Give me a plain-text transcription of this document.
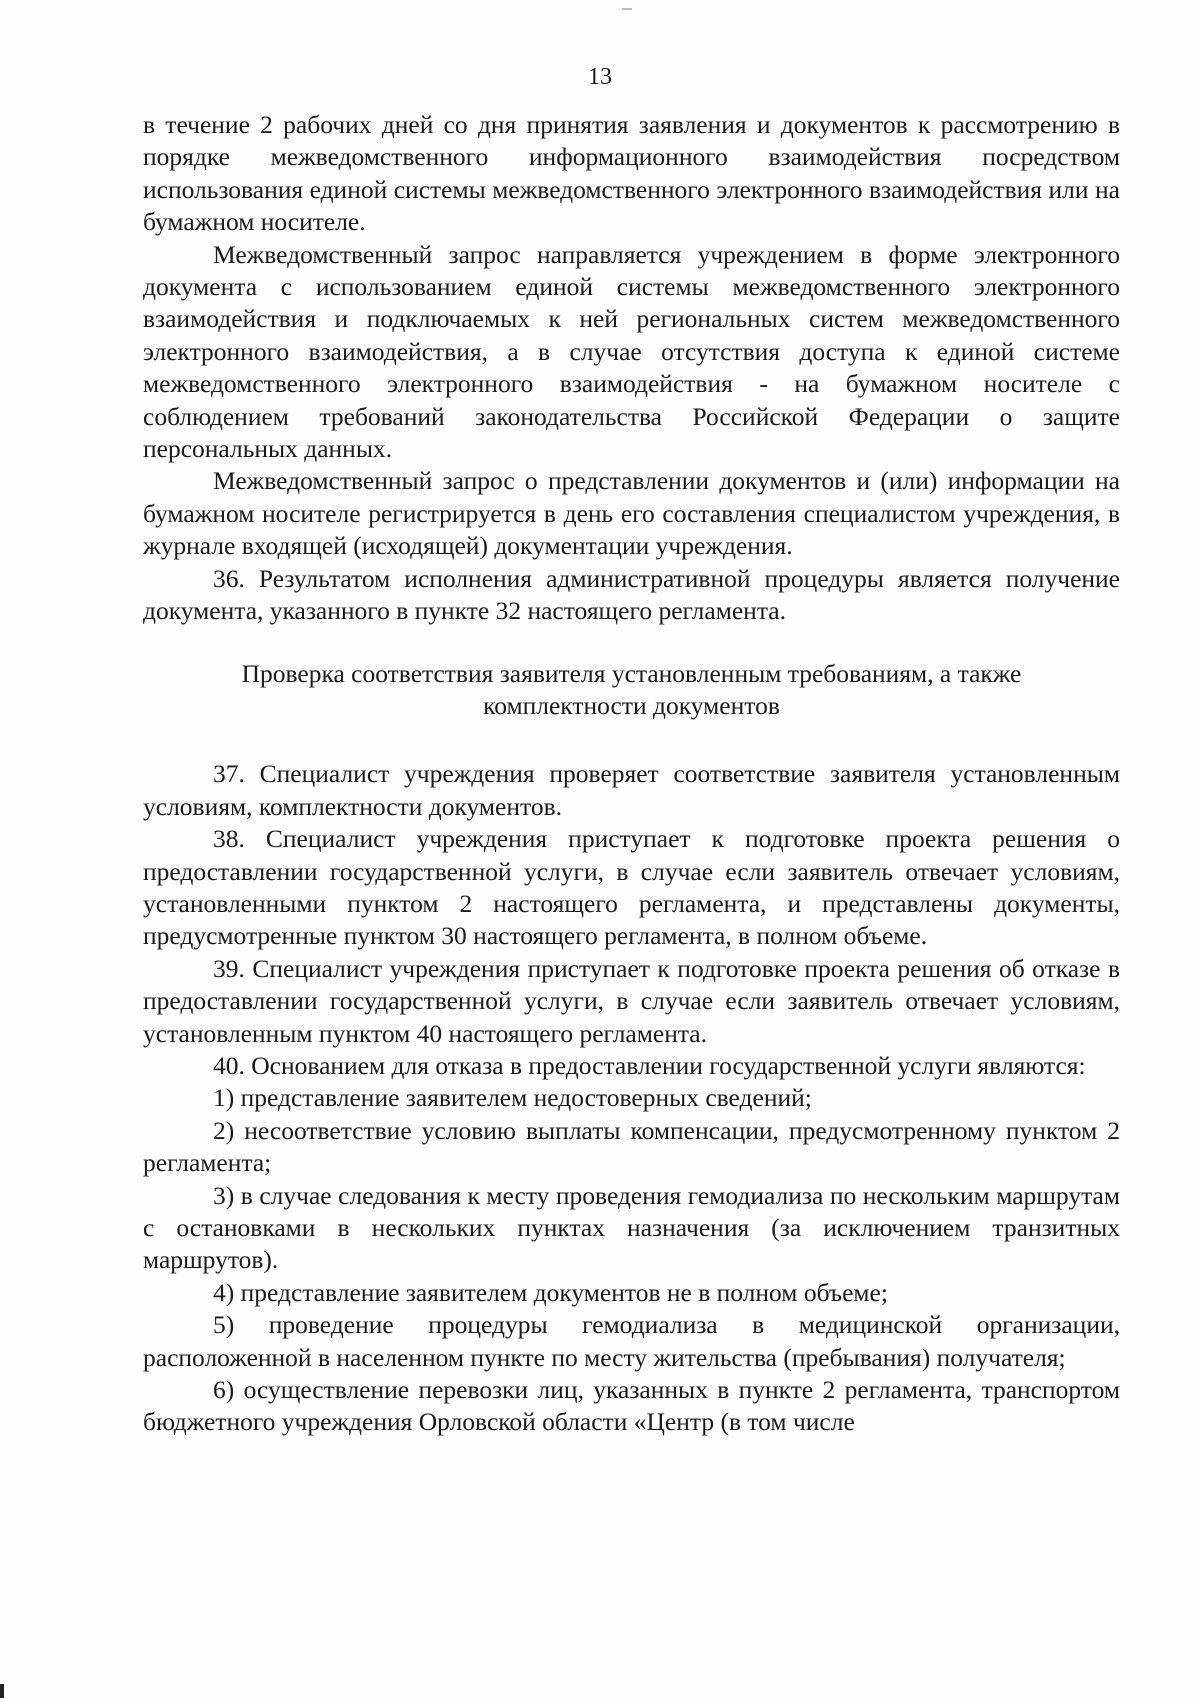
13

в течение 2 рабочих дней со дня принятия заявления и документов к рассмотрению в порядке межведомственного информационного взаимодействия посредством использования единой системы межведомственного электронного взаимодействия или на бумажном носителе.

Межведомственный запрос направляется учреждением в форме электронного документа с использованием единой системы межведомственного электронного взаимодействия и подключаемых к ней региональных систем межведомственного электронного взаимодействия, а в случае отсутствия доступа к единой системе межведомственного электронного взаимодействия - на бумажном носителе с соблюдением требований законодательства Российской Федерации о защите персональных данных.

Межведомственный запрос о представлении документов и (или) информации на бумажном носителе регистрируется в день его составления специалистом учреждения, в журнале входящей (исходящей) документации учреждения.

36. Результатом исполнения административной процедуры является получение документа, указанного в пункте 32 настоящего регламента.

Проверка соответствия заявителя установленным требованиям, а также комплектности документов

37. Специалист учреждения проверяет соответствие заявителя установленным условиям, комплектности документов.

38. Специалист учреждения приступает к подготовке проекта решения о предоставлении государственной услуги, в случае если заявитель отвечает условиям, установленными пунктом 2 настоящего регламента, и представлены документы, предусмотренные пунктом 30 настоящего регламента, в полном объеме.

39. Специалист учреждения приступает к подготовке проекта решения об отказе в предоставлении государственной услуги, в случае если заявитель отвечает условиям, установленным пунктом 40 настоящего регламента.

40. Основанием для отказа в предоставлении государственной услуги являются:

1) представление заявителем недостоверных сведений;

2) несоответствие условию выплаты компенсации, предусмотренному пунктом 2 регламента;

3) в случае следования к месту проведения гемодиализа по нескольким маршрутам с остановками в нескольких пунктах назначения (за исключением транзитных маршрутов).

4) представление заявителем документов не в полном объеме;

5) проведение процедуры гемодиализа в медицинской организации, расположенной в населенном пункте по месту жительства (пребывания) получателя;

6) осуществление перевозки лиц, указанных в пункте 2 регламента, транспортом бюджетного учреждения Орловской области «Центр (в том числе
